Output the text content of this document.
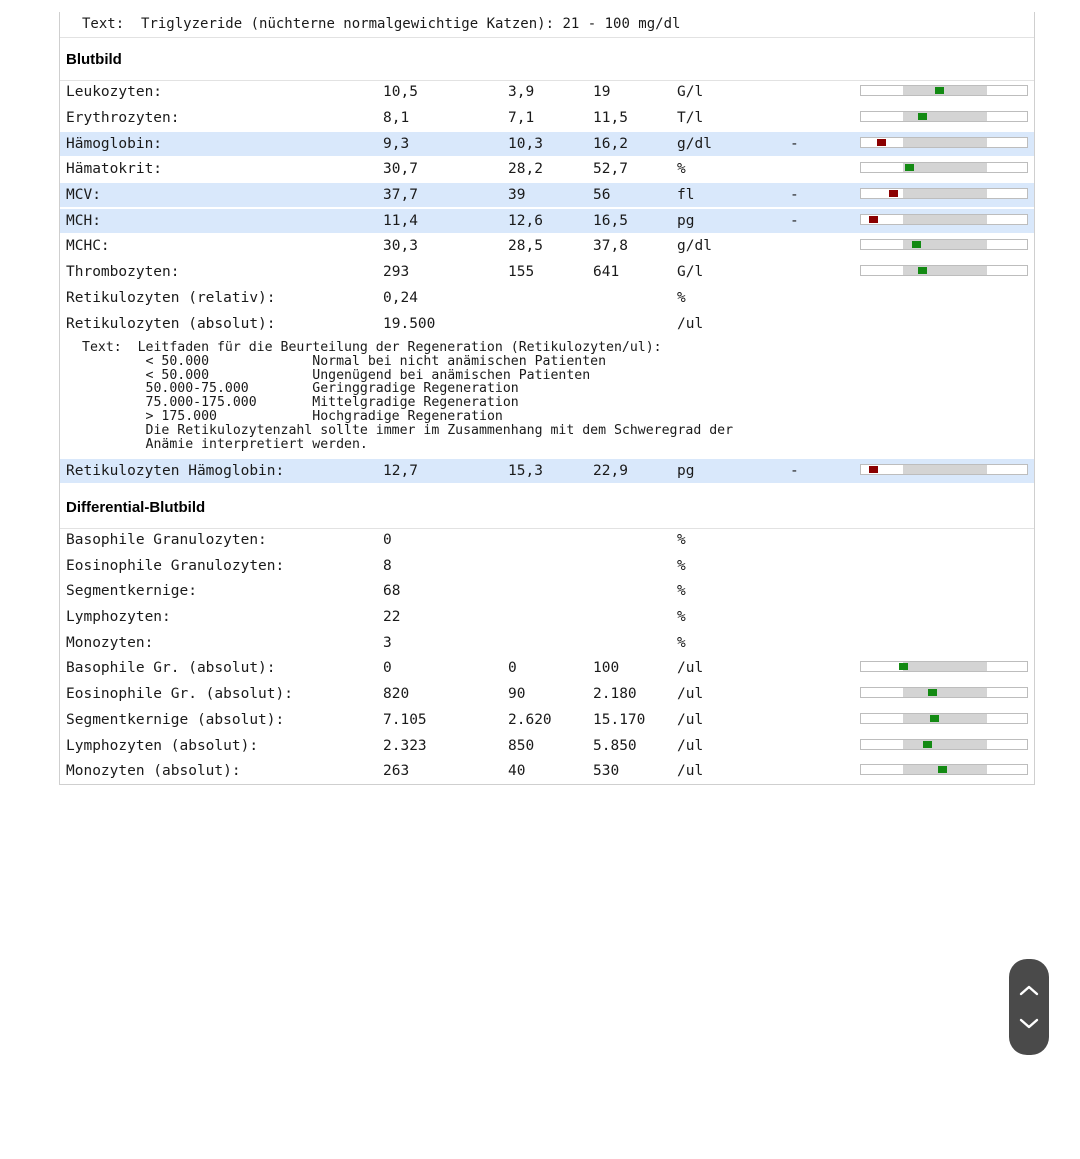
Text: Triglyzeride (nüchterne normalgewichtige Katzen): 21 - 100 mg/dl
Blutbild
Leukozyten:	10,5	3,9	19	G/l
Erythrozyten:	8,1	7,1	11,5	T/l
Hämoglobin:	9,3	10,3	16,2	g/dl	-
Hämatokrit:	30,7	28,2	52,7	%
MCV:	37,7	39	56	fl	-
MCH:	11,4	12,6	16,5	pg	-
MCHC:	30,3	28,5	37,8	g/dl
Thrombozyten:	293	155	641	G/l
Retikulozyten (relativ):	0,24	%
Retikulozyten (absolut):	19.500	/ul
Text: Leitfaden für die Beurteilung der Regeneration (Retikulozyten/ul):
< 50.000	Normal bei nicht anämischen Patienten
< 50.000	Ungenügend bei anämischen Patienten
50.000-75.000	Geringgradige Regeneration
75.000-175.000	Mittelgradige Regeneration
> 175.000	Hochgradige Regeneration
Die Retikulozytenzahl sollte immer im Zusammenhang mit dem Schweregrad der
Anämie interpretiert werden.
Retikulozyten Hämoglobin:	12,7	15,3	22,9	pg	-
Differential-Blutbild
Basophile Granulozyten:	0	%
Eosinophile Granulozyten:	8	%
Segmentkernige:	68	%
Lymphozyten:	22	%
Monozyten:	3	%
Basophile Gr. (absolut):	0	0	100	/ul
Eosinophile Gr. (absolut):	820	90	2.180	/ul
Segmentkernige (absolut):	7.105	2.620	15.170 /ul
Lymphozyten (absolut):	2.323	850	5.850	/ul
Monozyten (absolut):	263	40	530	/ul
